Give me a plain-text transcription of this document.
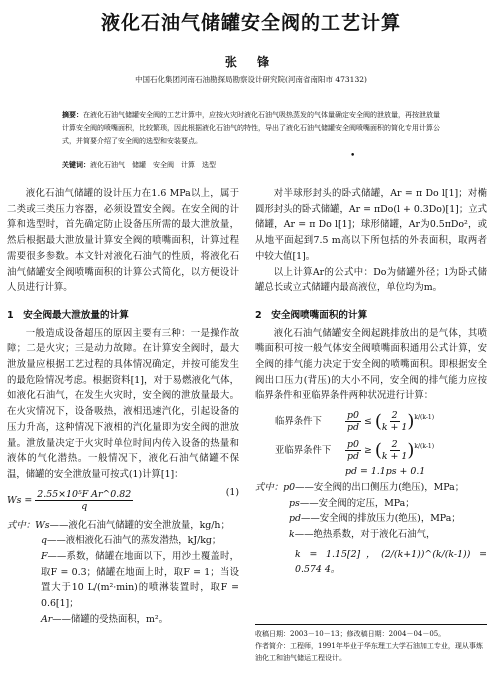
液化石油气储罐安全阀的工艺计算
张 锋
中国石化集团河南石油勘探局勘察设计研究院(河南省南阳市 473132)
摘要：在液化石油气储罐安全阀的工艺计算中，应按火灾时液化石油气吸热蒸发的气体量确定安全阀的泄放量，再按泄放量计算安全阀的喷嘴面积，比较繁琐，因此根据液化石油气的特性，导出了液化石油气储罐安全阀喷嘴面积的简化专用计算公式，并简要介绍了安全阀的选型和安装要点。
•
关键词：液化石油气　储罐　安全阀　计算　选型

液化石油气储罐的设计压力在1.6 MPa以上，属于二类或三类压力容器，必须设置安全阀。在安全阀的计算和选型时，首先确定防止设备压所需的最大泄放量，然后根据最大泄放量计算安全阀的喷嘴面积，计算过程需要很多参数。本文针对液化石油气的性质，将液化石油气储罐安全阀喷嘴面积的计算公式简化，以方便设计人员进行计算。

1　安全阀最大泄放量的计算

一般造成设备超压的原因主要有三种：一是操作故障；二是火灾；三是动力故障。在计算安全阀时，最大泄放量应根据工艺过程的具体情况确定，并按可能发生的最危险情况考虑。根据资料[1]，对于易燃液化气体，如液化石油气，在发生火灾时，安全阀的泄放量最大。在火灾情况下，设备吸热，液相迅速汽化，引起设备的压力升高，这种情况下液相的汽化量即为安全阀的泄放量。泄放量决定于火灾时单位时间内传入设备的热量和液体的气化潜热。一般情况下，液化石油气储罐不保温，储罐的安全泄放量可按式(1)计算[1]：

$Ws = \frac{\text{2.55×10⁵F Ar\textasciicircum{}0.82}}{q}$	(1)
式中：Ws——液化石油气储罐的安全泄放量，kg/h；
q——液相液化石油气的蒸发潜热，kJ/kg；
F——系数，储罐在地面以下，用沙土覆盖时，取F = 0.3；储罐在地面上时，取F = 1；当设置大于10 L/(m²·min)的喷淋装置时，取F = 0.6[1]；
Ar——储罐的受热面积，m²。

对半球形封头的卧式储罐，Ar = π Do l[1]；对椭圆形封头的卧式储罐，Ar = πDo(l + 0.3Do)[1]；立式储罐，Ar = π Do l[1]；球形储罐，Ar为0.5πDo²，或从地平面起到7.5 m高以下所包括的外表面积，取两者中较大值[1]。

以上计算Ar的公式中：Do为储罐外径；l为卧式储罐总长或立式储罐内最高液位，单位均为m。

2　安全阀喷嘴面积的计算

液化石油气储罐安全阀起跳排放出的是气体，其喷嘴面积可按一般气体安全阀喷嘴面积通用公式计算，安全阀的排气能力决定于安全阀的喷嘴面积。即根据安全阀出口压力(背压)的大小不同，安全阀的排气能力应按临界条件和亚临界条件两种状况进行计算：

临界条件下	$\frac{p0}{pd}$ ≤ ( $\frac{2}{k + 1}$ ) k/(k-1)
亚临界条件下	$\frac{p0}{pd}$ ≥ ( $\frac{2}{k + 1}$ ) k/(k-1)
pd = 1.1ps + 0.1
式中：p0——安全阀的出口侧压力(绝压)，MPa；
ps——安全阀的定压，MPa；
pd——安全阀的排放压力(绝压)，MPa；
k——绝热系数，对于液化石油气，
k = 1.15[2]，(2/(k+1))^(k/(k-1)) = 0.574 4。
收稿日期：2003－10－13；修改稿日期：2004－04－05。
作者简介：工程师，1991年毕业于华东理工大学石油加工专业，现从事炼油化工和油气储运工程设计。
